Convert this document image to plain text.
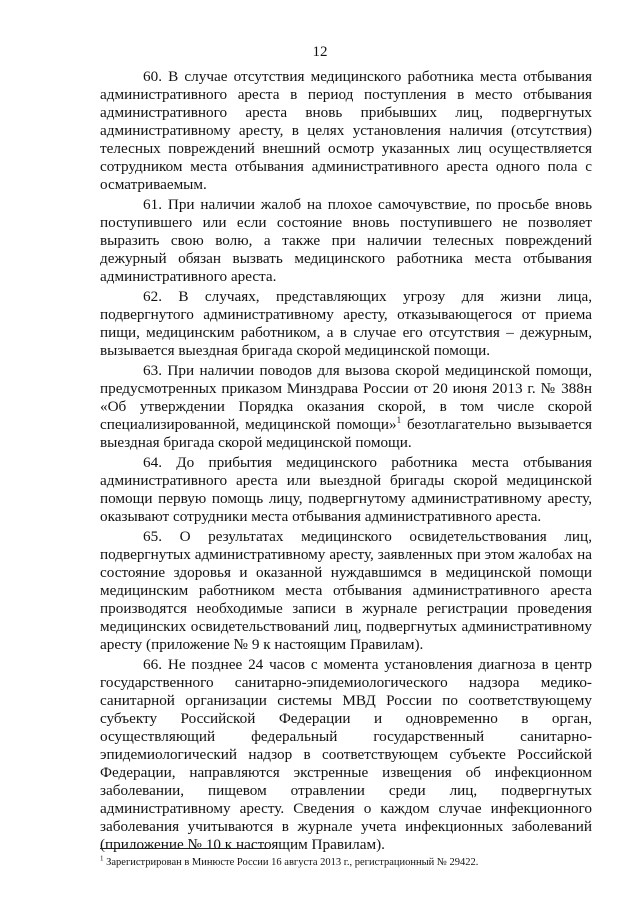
12

60. В случае отсутствия медицинского работника места отбывания административного ареста в период поступления в место отбывания административного ареста вновь прибывших лиц, подвергнутых административному аресту, в целях установления наличия (отсутствия) телесных повреждений внешний осмотр указанных лиц осуществляется сотрудником места отбывания административного ареста одного пола с осматриваемым.

61. При наличии жалоб на плохое самочувствие, по просьбе вновь поступившего или если состояние вновь поступившего не позволяет выразить свою волю, а также при наличии телесных повреждений дежурный обязан вызвать медицинского работника места отбывания административного ареста.

62. В случаях, представляющих угрозу для жизни лица, подвергнутого административному аресту, отказывающегося от приема пищи, медицинским работником, а в случае его отсутствия – дежурным, вызывается выездная бригада скорой медицинской помощи.

63. При наличии поводов для вызова скорой медицинской помощи, предусмотренных приказом Минздрава России от 20 июня 2013 г. № 388н «Об утверждении Порядка оказания скорой, в том числе скорой специализированной, медицинской помощи»$^1$ безотлагательно вызывается выездная бригада скорой медицинской помощи.

64. До прибытия медицинского работника места отбывания административного ареста или выездной бригады скорой медицинской помощи первую помощь лицу, подвергнутому административному аресту, оказывают сотрудники места отбывания административного ареста.

65. О результатах медицинского освидетельствования лиц, подвергнутых административному аресту, заявленных при этом жалобах на состояние здоровья и оказанной нуждавшимся в медицинской помощи медицинским работником места отбывания административного ареста производятся необходимые записи в журнале регистрации проведения медицинских освидетельствований лиц, подвергнутых административному аресту (приложение № 9 к настоящим Правилам).

66. Не позднее 24 часов с момента установления диагноза в центр государственного санитарно-эпидемиологического надзора медико-санитарной организации системы МВД России по соответствующему субъекту Российской Федерации и одновременно в орган, осуществляющий федеральный государственный санитарно-эпидемиологический надзор в соответствующем субъекте Российской Федерации, направляются экстренные извещения об инфекционном заболевании, пищевом отравлении среди лиц, подвергнутых административному аресту. Сведения о каждом случае инфекционного заболевания учитываются в журнале учета инфекционных заболеваний (приложение № 10 к настоящим Правилам).

$^1$ Зарегистрирован в Минюсте России 16 августа 2013 г., регистрационный № 29422.
